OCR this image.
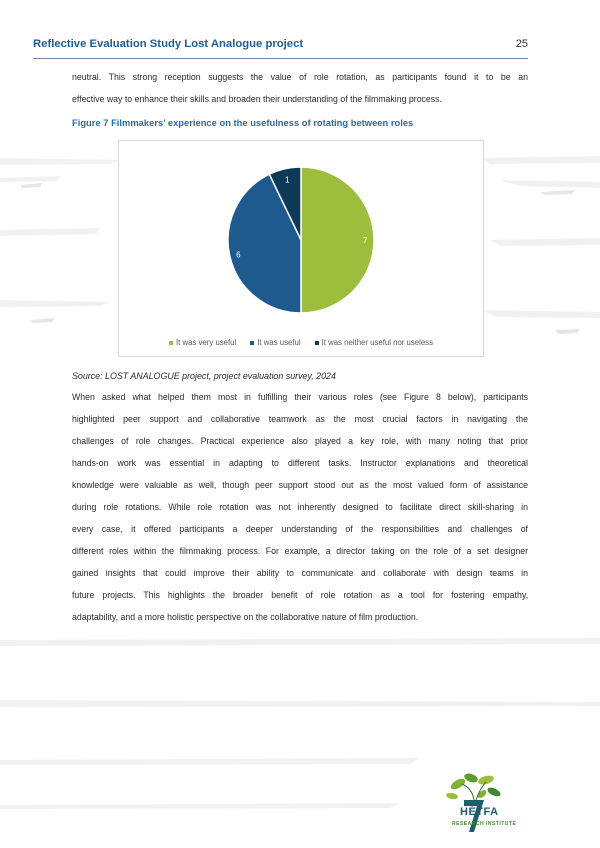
Reflective Evaluation Study Lost Analogue project	25
neutral. This strong reception suggests the value of role rotation, as participants found it to be an
effective way to enhance their skills and broaden their understanding of the filmmaking process.
Figure 7 Filmmakers’ experience on the usefulness of rotating between roles
7
6
1
It was very useful	It was useful	It was neither useful nor useless
Source: LOST ANALOGUE project, project evaluation survey, 2024
When asked what helped them most in fulfilling their various roles (see Figure 8 below), participants
highlighted peer support and collaborative teamwork as the most crucial factors in navigating the
challenges of role changes. Practical experience also played a key role, with many noting that prior
hands-on work was essential in adapting to different tasks. Instructor explanations and theoretical
knowledge were valuable as well, though peer support stood out as the most valued form of assistance
during role rotations. While role rotation was not inherently designed to facilitate direct skill-sharing in
every case, it offered participants a deeper understanding of the responsibilities and challenges of
different roles within the filmmaking process. For example, a director taking on the role of a set designer
gained insights that could improve their ability to communicate and collaborate with design teams in
future projects. This highlights the broader benefit of role rotation as a tool for fostering empathy,
adaptability, and a more holistic perspective on the collaborative nature of film production.
HÉTFA
RESEARCH INSTITUTE
